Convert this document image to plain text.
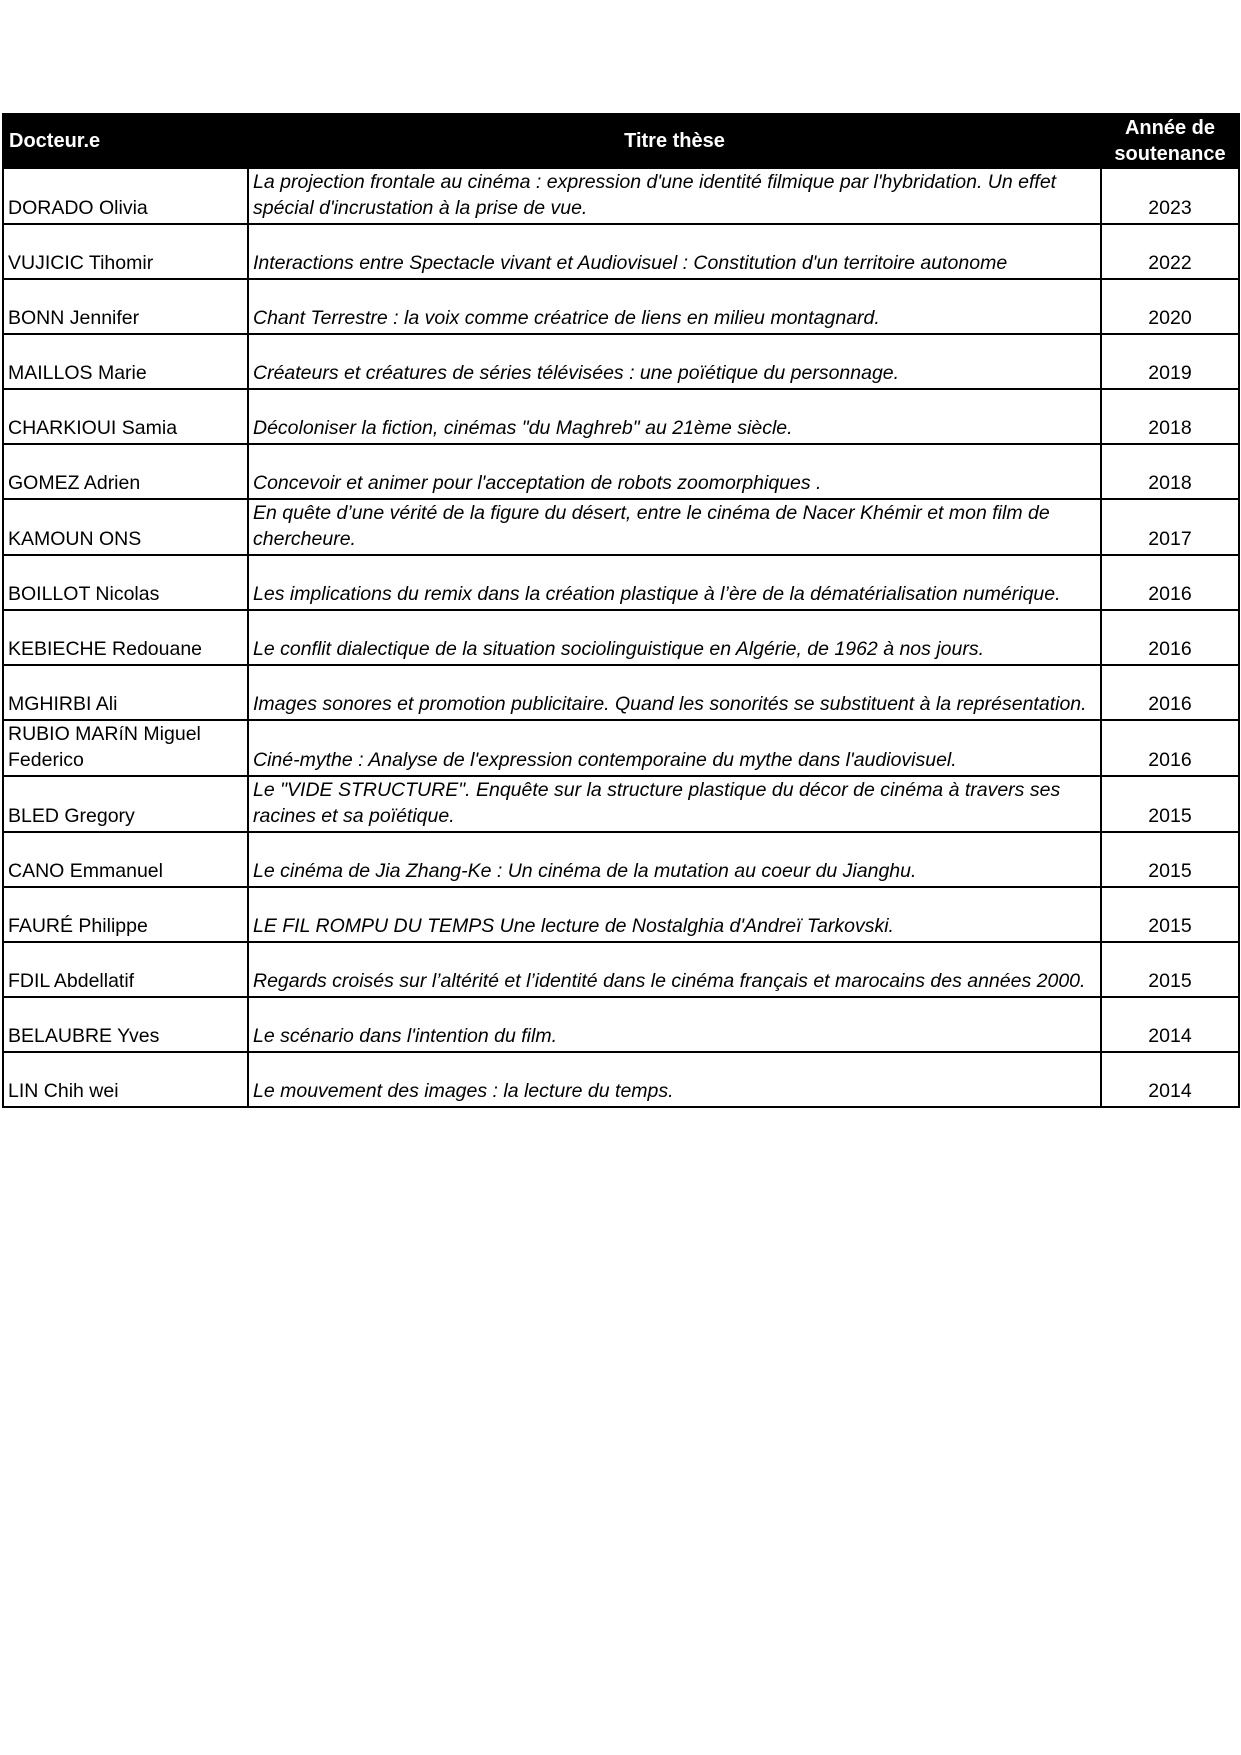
Docteur.e	Titre thèse	Année de soutenance
DORADO Olivia	La projection frontale au cinéma : expression d'une identité filmique par l'hybridation. Un effet spécial d'incrustation à la prise de vue.	2023
VUJICIC Tihomir	Interactions entre Spectacle vivant et Audiovisuel : Constitution d'un territoire autonome	2022
BONN Jennifer	Chant Terrestre : la voix comme créatrice de liens en milieu montagnard.	2020
MAILLOS Marie	Créateurs et créatures de séries télévisées : une poïétique du personnage.	2019
CHARKIOUI Samia	Décoloniser la fiction, cinémas "du Maghreb" au 21ème siècle.	2018
GOMEZ Adrien	Concevoir et animer pour l'acceptation de robots zoomorphiques .	2018
KAMOUN ONS	En quête d’une vérité de la figure du désert, entre le cinéma de Nacer Khémir et mon film de chercheure.	2017
BOILLOT Nicolas	Les implications du remix dans la création plastique à l’ère de la dématérialisation numérique.	2016
KEBIECHE Redouane	Le conflit dialectique de la situation sociolinguistique en Algérie, de 1962 à nos jours.	2016
MGHIRBI Ali	Images sonores et promotion publicitaire. Quand les sonorités se substituent à la représentation.	2016
RUBIO MARíN Miguel Federico	Ciné-mythe : Analyse de l'expression contemporaine du mythe dans l'audiovisuel.	2016
BLED Gregory	Le "VIDE STRUCTURE". Enquête sur la structure plastique du décor de cinéma à travers ses racines et sa poïétique.	2015
CANO Emmanuel	Le cinéma de Jia Zhang-Ke : Un cinéma de la mutation au coeur du Jianghu.	2015
FAURÉ Philippe	LE FIL ROMPU DU TEMPS Une lecture de Nostalghia d'Andreï Tarkovski.	2015
FDIL Abdellatif	Regards croisés sur l’altérité et l’identité dans le cinéma français et marocains des années 2000.	2015
BELAUBRE Yves	Le scénario dans l'intention du film.	2014
LIN Chih wei	Le mouvement des images : la lecture du temps.	2014
